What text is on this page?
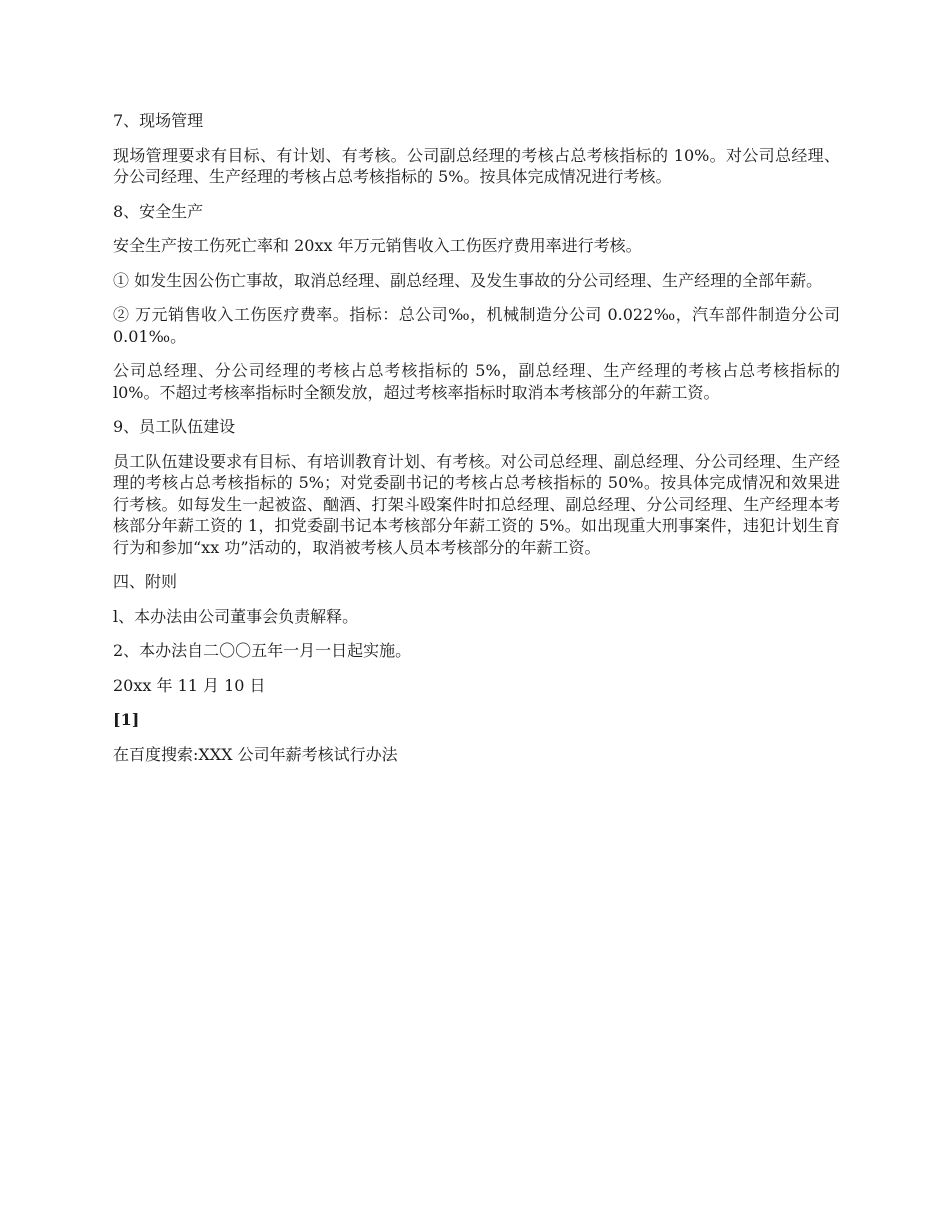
7、现场管理

现场管理要求有目标、有计划、有考核。公司副总经理的考核占总考核指标的 10%。对公司总经理、分公司经理、生产经理的考核占总考核指标的 5%。按具体完成情况进行考核。

8、安全生产

安全生产按工伤死亡率和 20xx 年万元销售收入工伤医疗费用率进行考核。

① 如发生因公伤亡事故，取消总经理、副总经理、及发生事故的分公司经理、生产经理的全部年薪。

② 万元销售收入工伤医疗费率。指标：总公司‰，机械制造分公司 0.022‰，汽车部件制造分公司 0.01‰。

公司总经理、分公司经理的考核占总考核指标的 5%，副总经理、生产经理的考核占总考核指标的 l0%。不超过考核率指标时全额发放，超过考核率指标时取消本考核部分的年薪工资。

9、员工队伍建设

员工队伍建设要求有目标、有培训教育计划、有考核。对公司总经理、副总经理、分公司经理、生产经理的考核占总考核指标的 5%；对党委副书记的考核占总考核指标的 50%。按具体完成情况和效果进行考核。如每发生一起被盗、酗酒、打架斗殴案件时扣总经理、副总经理、分公司经理、生产经理本考核部分年薪工资的 1，扣党委副书记本考核部分年薪工资的 5%。如出现重大刑事案件，违犯计划生育行为和参加“xx 功”活动的，取消被考核人员本考核部分的年薪工资。

四、附则

l、本办法由公司董事会负责解释。

2、本办法自二〇〇五年一月一日起实施。

20xx 年 11 月 10 日

[1]

在百度搜索:XXX 公司年薪考核试行办法
